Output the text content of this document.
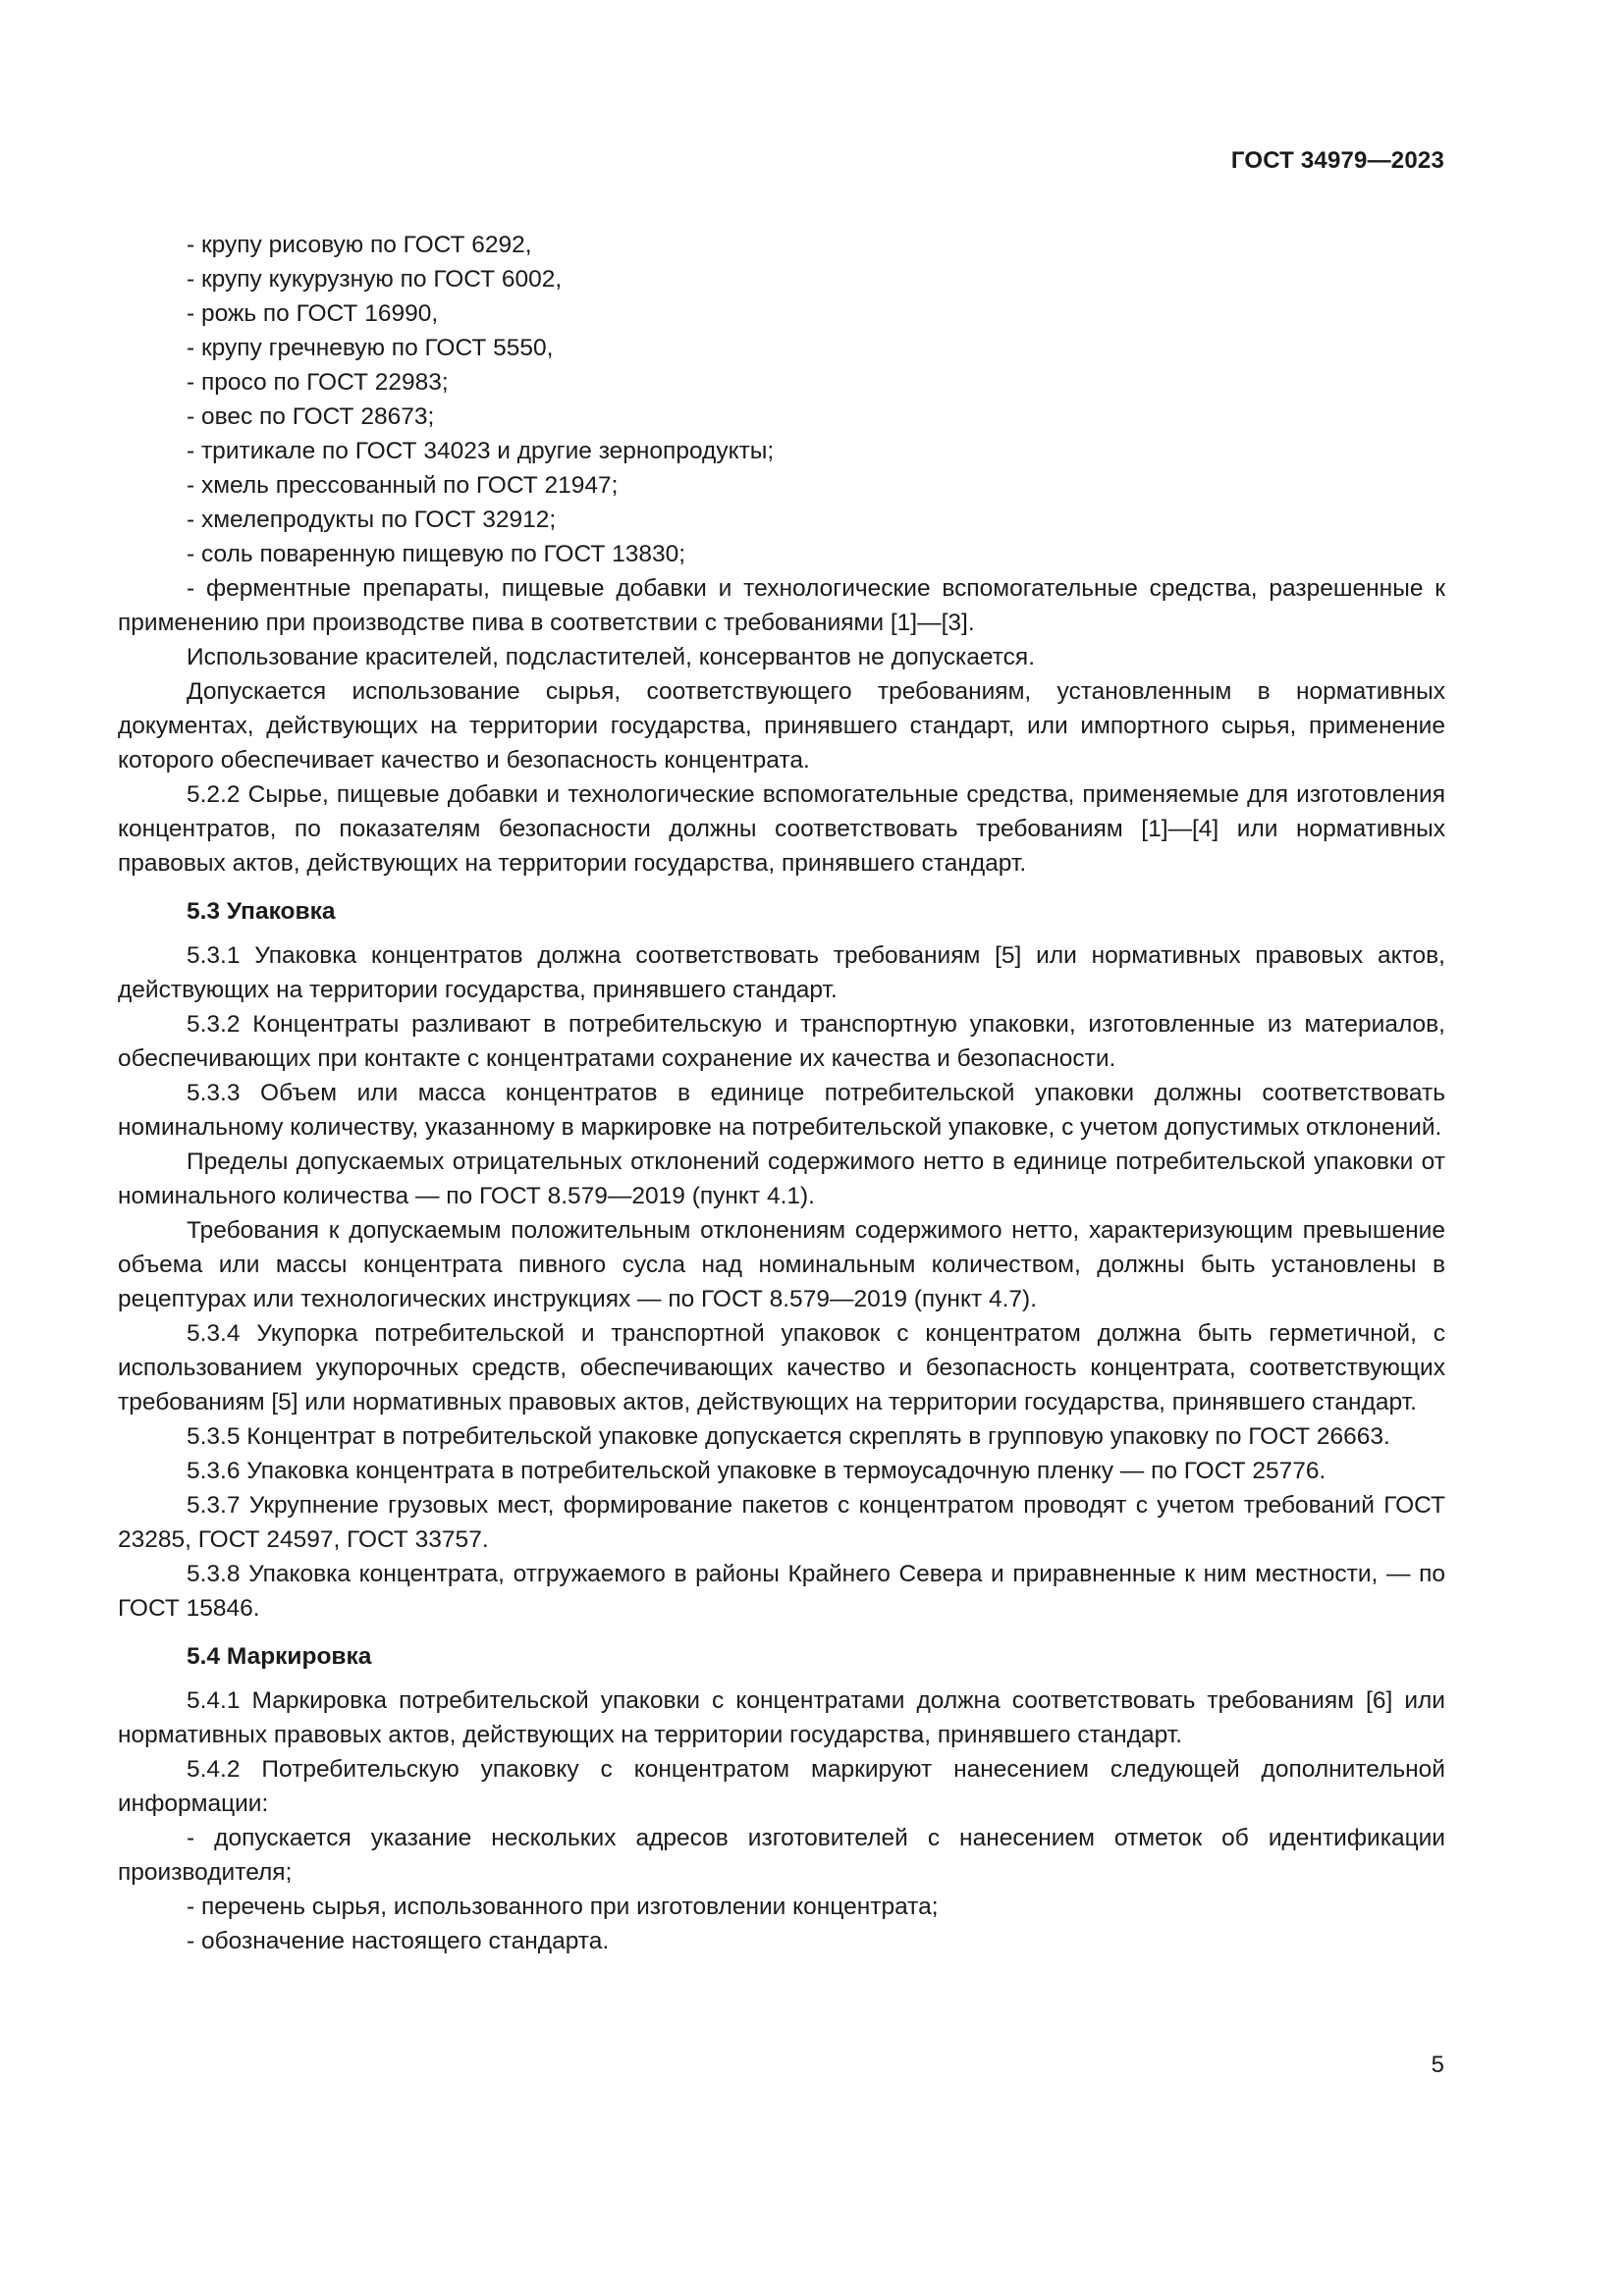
ГОСТ 34979—2023

- крупу рисовую по ГОСТ 6292,

- крупу кукурузную по ГОСТ 6002,

- рожь по ГОСТ 16990,

- крупу гречневую по ГОСТ 5550,

- просо по ГОСТ 22983;

- овес по ГОСТ 28673;

- тритикале по ГОСТ 34023 и другие зернопродукты;

- хмель прессованный по ГОСТ 21947;

- хмелепродукты по ГОСТ 32912;

- соль поваренную пищевую по ГОСТ 13830;

- ферментные препараты, пищевые добавки и технологические вспомогательные средства, разрешенные к применению при производстве пива в соответствии с требованиями [1]—[3].

Использование красителей, подсластителей, консервантов не допускается.

Допускается использование сырья, соответствующего требованиям, установленным в нормативных документах, действующих на территории государства, принявшего стандарт, или импортного сырья, применение которого обеспечивает качество и безопасность концентрата.

5.2.2 Сырье, пищевые добавки и технологические вспомогательные средства, применяемые для изготовления концентратов, по показателям безопасности должны соответствовать требованиям [1]—[4] или нормативных правовых актов, действующих на территории государства, принявшего стандарт.

5.3 Упаковка

5.3.1 Упаковка концентратов должна соответствовать требованиям [5] или нормативных правовых актов, действующих на территории государства, принявшего стандарт.

5.3.2 Концентраты разливают в потребительскую и транспортную упаковки, изготовленные из материалов, обеспечивающих при контакте с концентратами сохранение их качества и безопасности.

5.3.3 Объем или масса концентратов в единице потребительской упаковки должны соответствовать номинальному количеству, указанному в маркировке на потребительской упаковке, с учетом допустимых отклонений.

Пределы допускаемых отрицательных отклонений содержимого нетто в единице потребительской упаковки от номинального количества — по ГОСТ 8.579—2019 (пункт 4.1).

Требования к допускаемым положительным отклонениям содержимого нетто, характеризующим превышение объема или массы концентрата пивного сусла над номинальным количеством, должны быть установлены в рецептурах или технологических инструкциях — по ГОСТ 8.579—2019 (пункт 4.7).

5.3.4 Укупорка потребительской и транспортной упаковок с концентратом должна быть герметичной, с использованием укупорочных средств, обеспечивающих качество и безопасность концентрата, соответствующих требованиям [5] или нормативных правовых актов, действующих на территории государства, принявшего стандарт.

5.3.5 Концентрат в потребительской упаковке допускается скреплять в групповую упаковку по ГОСТ 26663.

5.3.6 Упаковка концентрата в потребительской упаковке в термоусадочную пленку — по ГОСТ 25776.

5.3.7 Укрупнение грузовых мест, формирование пакетов с концентратом проводят с учетом требований ГОСТ 23285, ГОСТ 24597, ГОСТ 33757.

5.3.8 Упаковка концентрата, отгружаемого в районы Крайнего Севера и приравненные к ним местности, — по ГОСТ 15846.

5.4 Маркировка

5.4.1 Маркировка потребительской упаковки с концентратами должна соответствовать требованиям [6] или нормативных правовых актов, действующих на территории государства, принявшего стандарт.

5.4.2 Потребительскую упаковку с концентратом маркируют нанесением следующей дополнительной информации:

- допускается указание нескольких адресов изготовителей с нанесением отметок об идентификации производителя;

- перечень сырья, использованного при изготовлении концентрата;

- обозначение настоящего стандарта.

5
